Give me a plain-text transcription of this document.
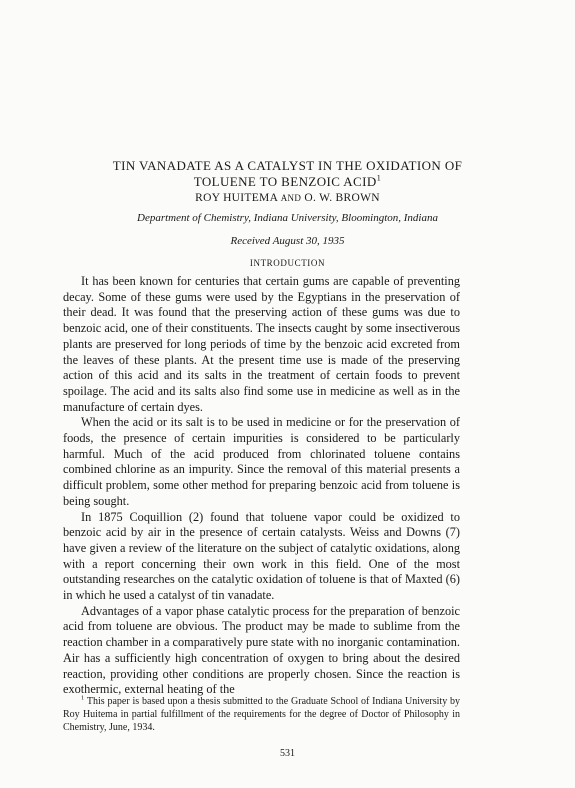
TIN VANADATE AS A CATALYST IN THE OXIDATION OF
TOLUENE TO BENZOIC ACID$^1$
ROY HUITEMA AND O. W. BROWN
Department of Chemistry, Indiana University, Bloomington, Indiana
Received August 30, 1935
INTRODUCTION

It has been known for centuries that certain gums are capable of preventing decay. Some of these gums were used by the Egyptians in the preservation of their dead. It was found that the preserving action of these gums was due to benzoic acid, one of their constituents. The insects caught by some insectiverous plants are preserved for long periods of time by the benzoic acid excreted from the leaves of these plants. At the present time use is made of the preserving action of this acid and its salts in the treatment of certain foods to prevent spoilage. The acid and its salts also find some use in medicine as well as in the manufacture of certain dyes.

When the acid or its salt is to be used in medicine or for the preservation of foods, the presence of certain impurities is considered to be particularly harmful. Much of the acid produced from chlorinated toluene contains combined chlorine as an impurity. Since the removal of this material presents a difficult problem, some other method for preparing benzoic acid from toluene is being sought.

In 1875 Coquillion (2) found that toluene vapor could be oxidized to benzoic acid by air in the presence of certain catalysts. Weiss and Downs (7) have given a review of the literature on the subject of catalytic oxidations, along with a report concerning their own work in this field. One of the most outstanding researches on the catalytic oxidation of toluene is that of Maxted (6) in which he used a catalyst of tin vanadate.

Advantages of a vapor phase catalytic process for the preparation of benzoic acid from toluene are obvious. The product may be made to sublime from the reaction chamber in a comparatively pure state with no inorganic contamination. Air has a sufficiently high concentration of oxygen to bring about the desired reaction, providing other conditions are properly chosen. Since the reaction is exothermic, external heating of the

$^1$ This paper is based upon a thesis submitted to the Graduate School of Indiana University by Roy Huitema in partial fulfillment of the requirements for the degree of Doctor of Philosophy in Chemistry, June, 1934.
531
